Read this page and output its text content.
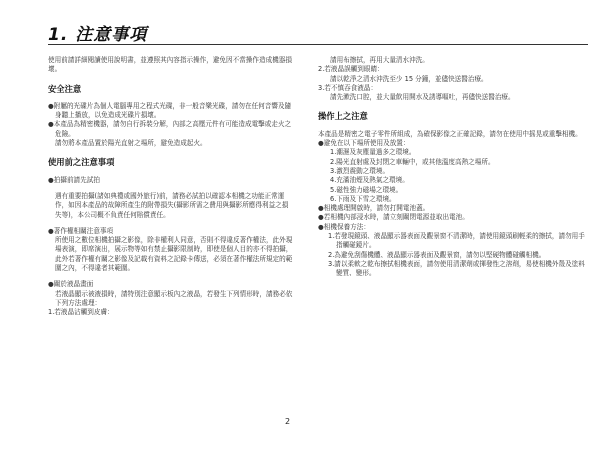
1. 注意事項

使用前請詳細閱讀使用說明書，並遵照其內容指示操作，避免因不當操作造成機器損壞。

安全注意

●附屬的光碟片為個人電腦專用之程式光碟，非一般音樂光碟，請勿在任何音響及隨身聽上播放，以免造成光碟片損壞。

●本產品為精密機器，請勿自行拆裝分解，內部之高壓元件有可能造成電擊或走火之危險。

請勿將本產品置於陽光直射之場所，避免造成起火。

使用前之注意事項

●拍攝前請先試拍

遇有重要拍攝(諸如典禮或國外旅行)前，請務必試拍以確認本相機之功能正常運作，如因本產品的故障所產生的附帶損失(攝影所需之費用與攝影所應得利益之損失等)，本公司概不負責任何賠償責任。

●著作權相關注意事項

所使用之數位相機拍攝之影像，除非權利人同意，否則不得違反著作權法，此外現場表演，即席演出，展示物等如有禁止攝影限制時，即使是個人目的亦不得拍攝，此外若著作權有關之影像及記載有資料之記錄卡傳送，必須在著作權法所規定的範圍之內，不得違者其範圍。

●關於液晶畫面

若液晶顯示被液損時，請特別注意顯示板內之液晶，若發生下列情形時，請務必依下列方法處理：

1.若液晶沾觸到皮膚：

請用布擦拭，再用大量清水沖洗。

2.若液晶誤觸到眼睛：

請以乾淨之清水沖洗至少 15 分鐘，並儘快送醫治療。

3.若不慎吞食液晶：

請先漱洗口腔，並大量飲用開水及誘導嘔吐，再儘快送醫治療。

操作上之注意

本產品是精密之電子零件所組成，為確保影像之正確記錄，請勿在使用中摇晃或重擊相機。

●避免在以下場所使用及放置：

1.潮濕及灰塵量過多之環境。

2.陽光直射處及封閉之車輛中，或其他溫度高熱之場所。

3.激烈震動之環境。

4.充滿油煙及熱氣之環境。

5.磁性強力磁場之環境。

6.下雨及下雪之環境。

●相機處理開啟時，請勿打開電池蓋。

●若相機內部浸水時，請立刻關閉電源並取出電池。

●相機保養方法：

1.若發現鏡頭、液晶顯示器表面及觀景窗不清潔時，請使用鏡頭刷輕柔的擦拭，請勿用手指觸碰鏡片。

2.為避免刮傷機體、液晶顯示器表面及觀景窗，請勿以堅硬物體碰觸相機。

3.請以柔軟之乾布擦拭相機表面，請勿使用清潔劑或揮發性之溶劑，易使相機外殼及塗料變質、變形。

2
